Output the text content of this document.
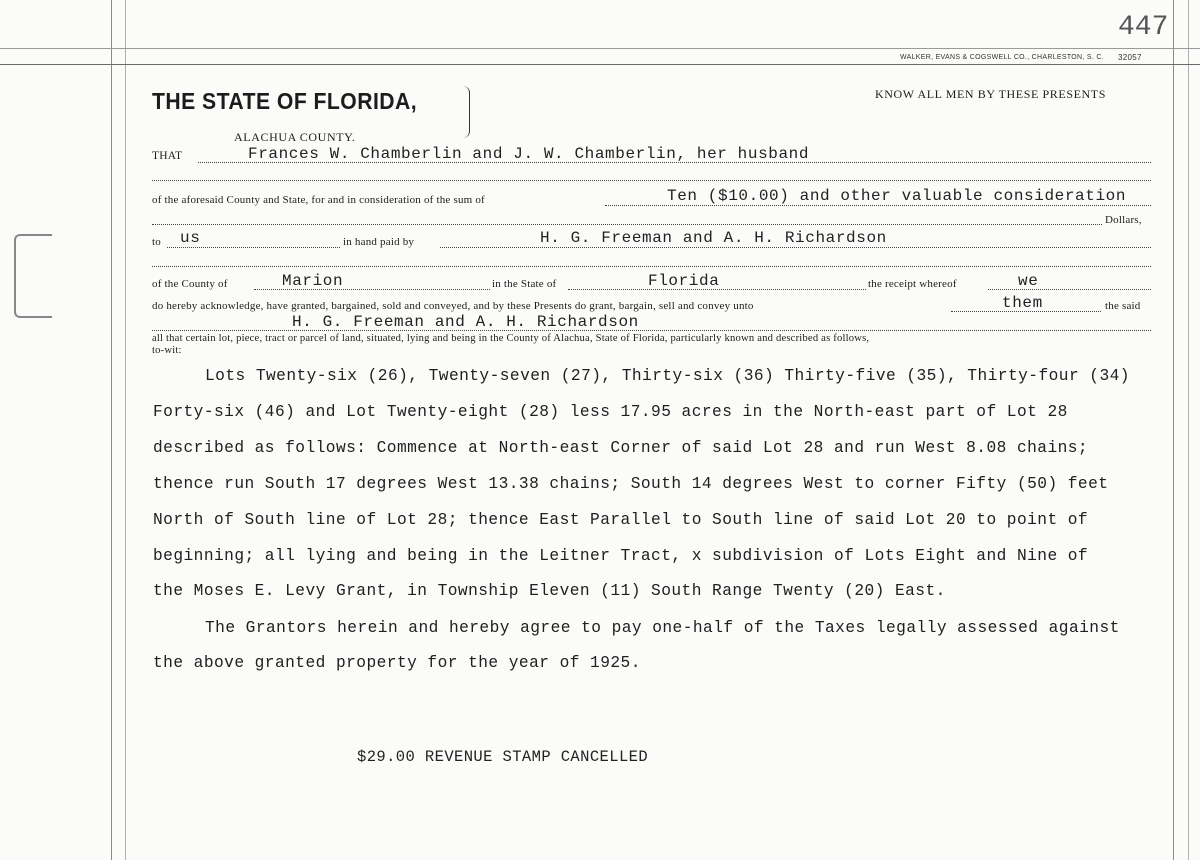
447
WALKER, EVANS & COGSWELL CO., CHARLESTON, S. C. 32057
THE STATE OF FLORIDA,	KNOW ALL MEN BY THESE PRESENTS
ALACHUA COUNTY.
THAT	Frances W. Chamberlin and J. W. Chamberlin, her husband
of the aforesaid County and State, for and in consideration of the sum of	Ten ($10.00) and other valuable consideration
Dollars,
to us	in hand paid by	H. G. Freeman and A. H. Richardson
of the County of	Marion	in the State of	Florida	the receipt whereof	we
do hereby acknowledge, have granted, bargained, sold and conveyed, and by these Presents do grant, bargain, sell and convey unto	them	the said
H. G. Freeman and A. H. Richardson
all that certain lot, piece, tract or parcel of land, situated, lying and being in the County of Alachua, State of Florida, particularly known and described as follows,
to-wit:
Lots Twenty-six (26), Twenty-seven (27), Thirty-six (36) Thirty-five (35), Thirty-four (34)
Forty-six (46) and Lot Twenty-eight (28) less 17.95 acres in the North-east part of Lot 28
described as follows: Commence at North-east Corner of said Lot 28 and run West 8.08 chains;
thence run South 17 degrees West 13.38 chains; South 14 degrees West to corner Fifty (50) feet
North of South line of Lot 28; thence East Parallel to South line of said Lot 20 to point of
beginning; all lying and being in the Leitner Tract, x subdivision of Lots Eight and Nine of
the Moses E. Levy Grant, in Township Eleven (11) South Range Twenty (20) East.
The Grantors herein and hereby agree to pay one-half of the Taxes legally assessed against
the above granted property for the year of 1925.
$29.00 REVENUE STAMP CANCELLED
